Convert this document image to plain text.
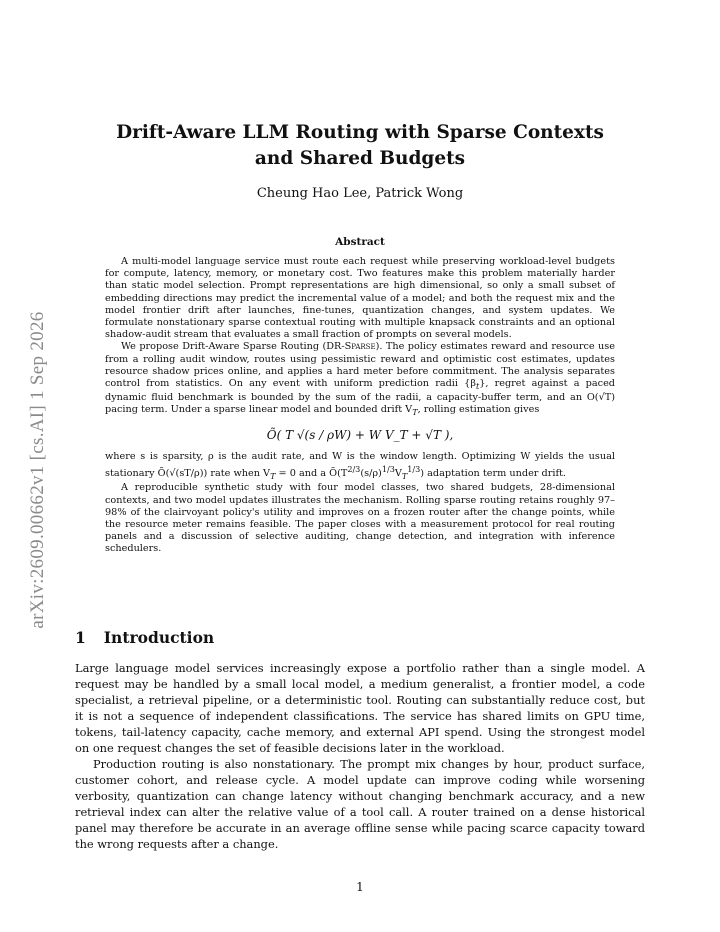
arXiv:2609.00662v1 [cs.AI] 1 Sep 2026
Drift-Aware LLM Routing with Sparse Contexts
and Shared Budgets
Cheung Hao Lee, Patrick Wong
Abstract

A multi-model language service must route each request while preserving workload-level budgets for compute, latency, memory, or monetary cost. Two features make this problem materially harder than static model selection. Prompt representations are high dimensional, so only a small subset of embedding directions may predict the incremental value of a model; and both the request mix and the model frontier drift after launches, fine-tunes, quantization changes, and system updates. We formulate nonstationary sparse contextual routing with multiple knapsack constraints and an optional shadow-audit stream that evaluates a small fraction of prompts on several models.

We propose Drift-Aware Sparse Routing (DR-Sparse). The policy estimates reward and resource use from a rolling audit window, routes using pessimistic reward and optimistic cost estimates, updates resource shadow prices online, and applies a hard meter before commitment. The analysis separates control from statistics. On any event with uniform prediction radii $\{\beta_t\}$, regret against a paced dynamic fluid benchmark is bounded by the sum of the radii, a capacity-buffer term, and an O(√T) pacing term. Under a sparse linear model and bounded drift $V_T$, rolling estimation gives

Õ( T √(s / ρW) + W V_T + √T ),

where s is sparsity, ρ is the audit rate, and W is the window length. Optimizing W yields the usual stationary Õ(√(sT/ρ)) rate when $V_T = 0$ and a $Õ(T^{2/3}(s/\rho)^{1/3}V_T^{1/3})$ adaptation term under drift.

A reproducible synthetic study with four model classes, two shared budgets, 28-dimensional contexts, and two model updates illustrates the mechanism. Rolling sparse routing retains roughly 97–98% of the clairvoyant policy's utility and improves on a frozen router after the change points, while the resource meter remains feasible. The paper closes with a measurement protocol for real routing panels and a discussion of selective auditing, change detection, and integration with inference schedulers.

1 Introduction

Large language model services increasingly expose a portfolio rather than a single model. A request may be handled by a small local model, a medium generalist, a frontier model, a code specialist, a retrieval pipeline, or a deterministic tool. Routing can substantially reduce cost, but it is not a sequence of independent classifications. The service has shared limits on GPU time, tokens, tail-latency capacity, cache memory, and external API spend. Using the strongest model on one request changes the set of feasible decisions later in the workload.

Production routing is also nonstationary. The prompt mix changes by hour, product surface, customer cohort, and release cycle. A model update can improve coding while worsening verbosity, quantization can change latency without changing benchmark accuracy, and a new retrieval index can alter the relative value of a tool call. A router trained on a dense historical panel may therefore be accurate in an average offline sense while pacing scarce capacity toward the wrong requests after a change.

1
